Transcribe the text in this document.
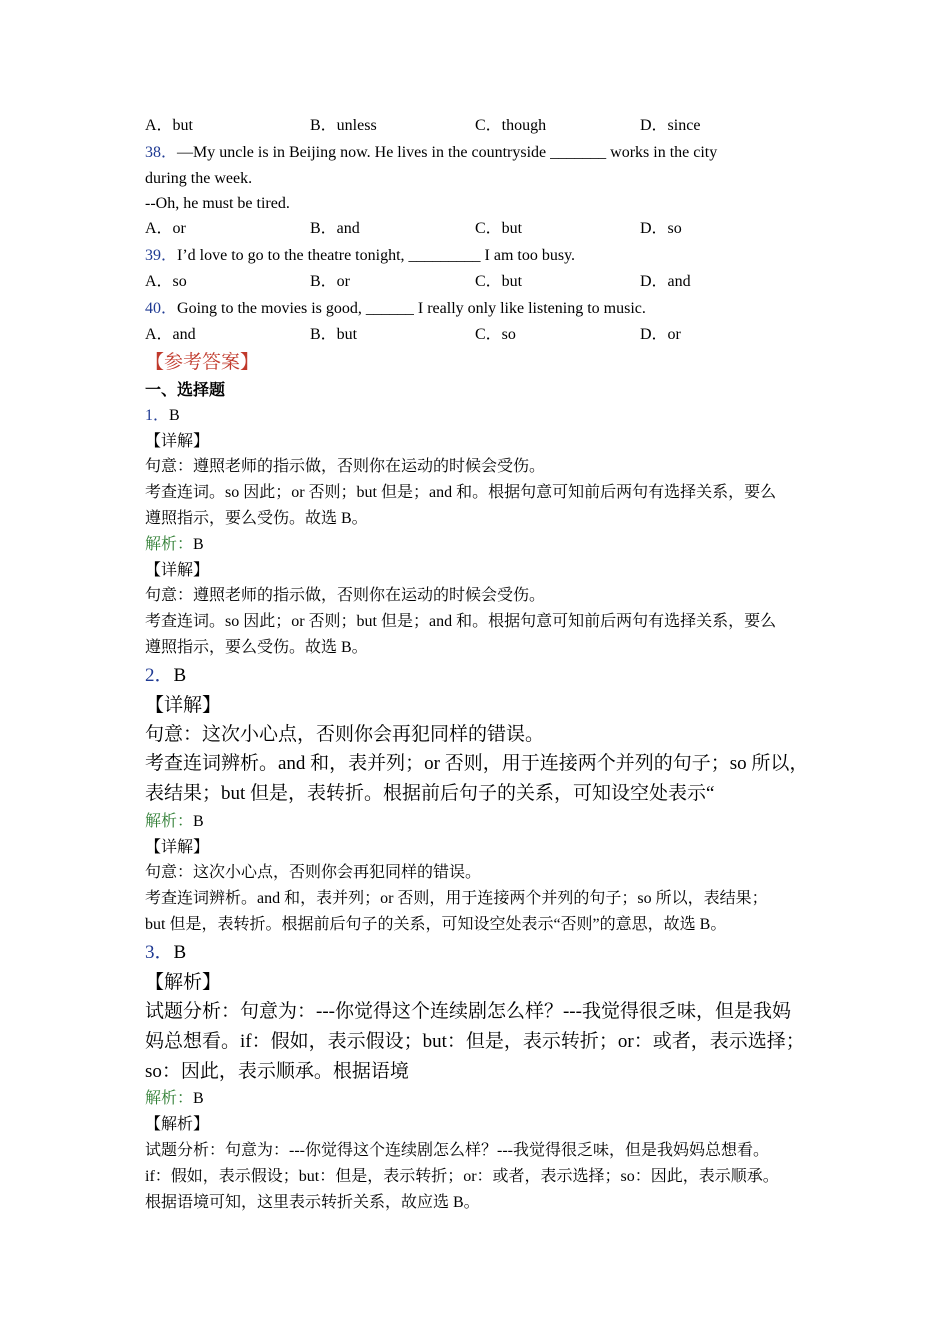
A．but	B．unless	C．though	D．since
38．—My uncle is in Beijing now. He lives in the countryside _______ works in the city
during the week.
--Oh, he must be tired.
A．or	B．and	C．but	D．so
39．I’d love to go to the theatre tonight, _________ I am too busy.
A．so	B．or	C．but	D．and
40．Going to the movies is good, ______ I really only like listening to music.
A．and	B．but	C．so	D．or
【参考答案】
一、选择题
1．B
【详解】
句意：遵照老师的指示做，否则你在运动的时候会受伤。
考查连词。so 因此；or 否则；but 但是；and 和。根据句意可知前后两句有选择关系，要么
遵照指示，要么受伤。故选 B。
解析：B
【详解】
句意：遵照老师的指示做，否则你在运动的时候会受伤。
考查连词。so 因此；or 否则；but 但是；and 和。根据句意可知前后两句有选择关系，要么
遵照指示，要么受伤。故选 B。
2．B
【详解】
句意：这次小心点，否则你会再犯同样的错误。
考查连词辨析。and 和，表并列；or 否则，用于连接两个并列的句子；so 所以，
表结果；but 但是，表转折。根据前后句子的关系，可知设空处表示“
解析：B
【详解】
句意：这次小心点，否则你会再犯同样的错误。
考查连词辨析。and 和，表并列；or 否则，用于连接两个并列的句子；so 所以，表结果；
but 但是，表转折。根据前后句子的关系，可知设空处表示“否则”的意思，故选 B。
3．B
【解析】
试题分析：句意为：---你觉得这个连续剧怎么样？---我觉得很乏味，但是我妈
妈总想看。if：假如，表示假设；but：但是，表示转折；or：或者，表示选择；
so：因此，表示顺承。根据语境
解析：B
【解析】
试题分析：句意为：---你觉得这个连续剧怎么样？---我觉得很乏味，但是我妈妈总想看。
if：假如，表示假设；but：但是，表示转折；or：或者，表示选择；so：因此，表示顺承。
根据语境可知，这里表示转折关系，故应选 B。
